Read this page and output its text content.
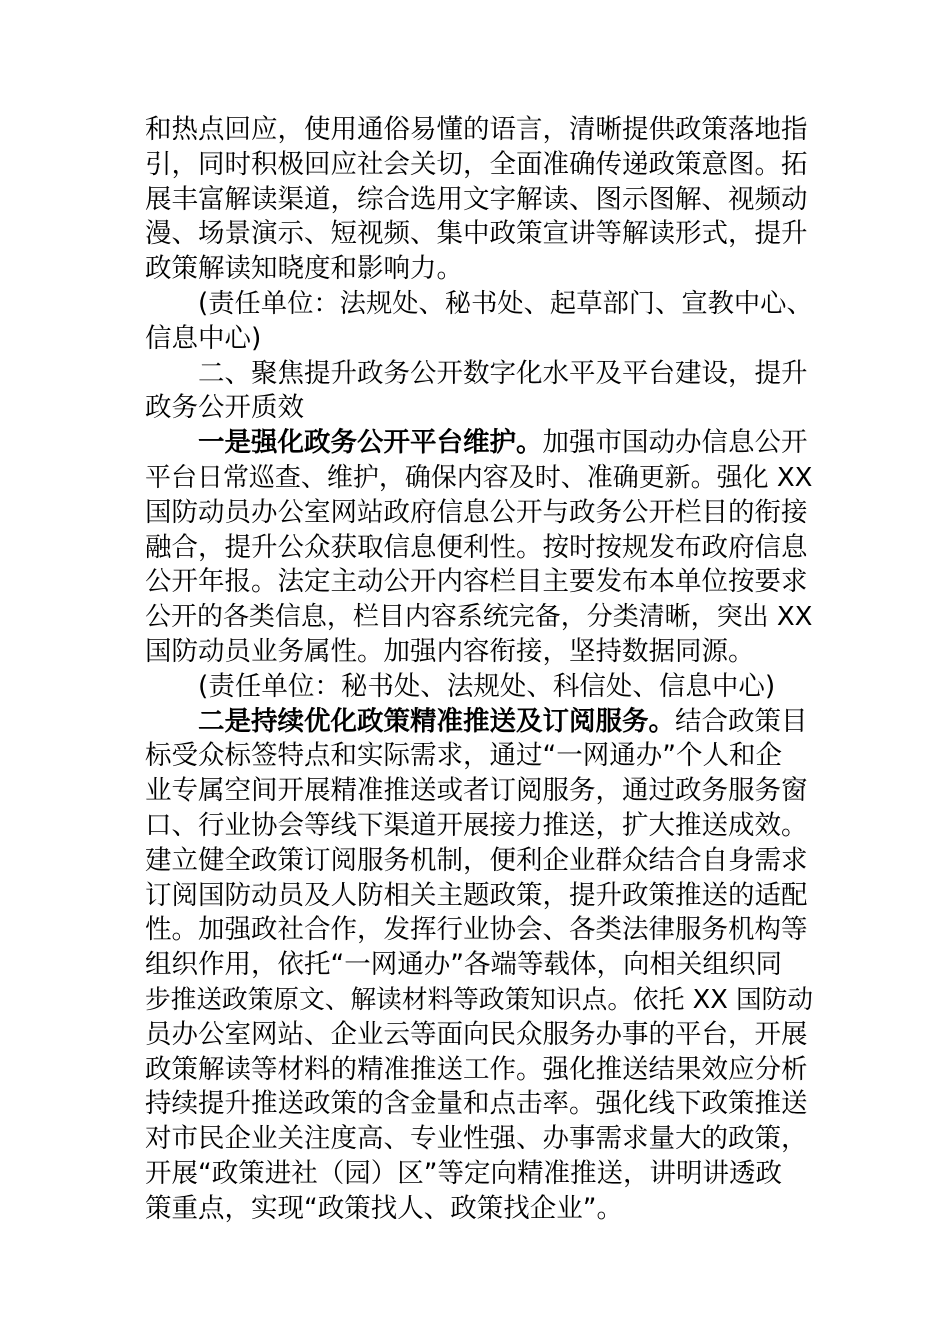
和热点回应，使用通俗易懂的语言，清晰提供政策落地指
引，同时积极回应社会关切，全面准确传递政策意图。拓
展丰富解读渠道，综合选用文字解读、图示图解、视频动
漫、场景演示、短视频、集中政策宣讲等解读形式，提升
政策解读知晓度和影响力。
(责任单位：法规处、秘书处、起草部门、宣教中心、
信息中心)
二、聚焦提升政务公开数字化水平及平台建设，提升
政务公开质效
一是强化政务公开平台维护。加强市国动办信息公开
平台日常巡查、维护，确保内容及时、准确更新。强化 XX
国防动员办公室网站政府信息公开与政务公开栏目的衔接
融合，提升公众获取信息便利性。按时按规发布政府信息
公开年报。法定主动公开内容栏目主要发布本单位按要求
公开的各类信息，栏目内容系统完备，分类清晰，突出 XX
国防动员业务属性。加强内容衔接，坚持数据同源。
(责任单位：秘书处、法规处、科信处、信息中心)
二是持续优化政策精准推送及订阅服务。结合政策目
标受众标签特点和实际需求，通过“一网通办”个人和企
业专属空间开展精准推送或者订阅服务，通过政务服务窗
口、行业协会等线下渠道开展接力推送，扩大推送成效。
建立健全政策订阅服务机制，便利企业群众结合自身需求
订阅国防动员及人防相关主题政策，提升政策推送的适配
性。加强政社合作，发挥行业协会、各类法律服务机构等
组织作用，依托“一网通办”各端等载体，向相关组织同
步推送政策原文、解读材料等政策知识点。依托 XX 国防动
员办公室网站、企业云等面向民众服务办事的平台，开展
政策解读等材料的精准推送工作。强化推送结果效应分析
持续提升推送政策的含金量和点击率。强化线下政策推送
对市民企业关注度高、专业性强、办事需求量大的政策，
开展“政策进社（园）区”等定向精准推送，讲明讲透政
策重点，实现“政策找人、政策找企业”。
